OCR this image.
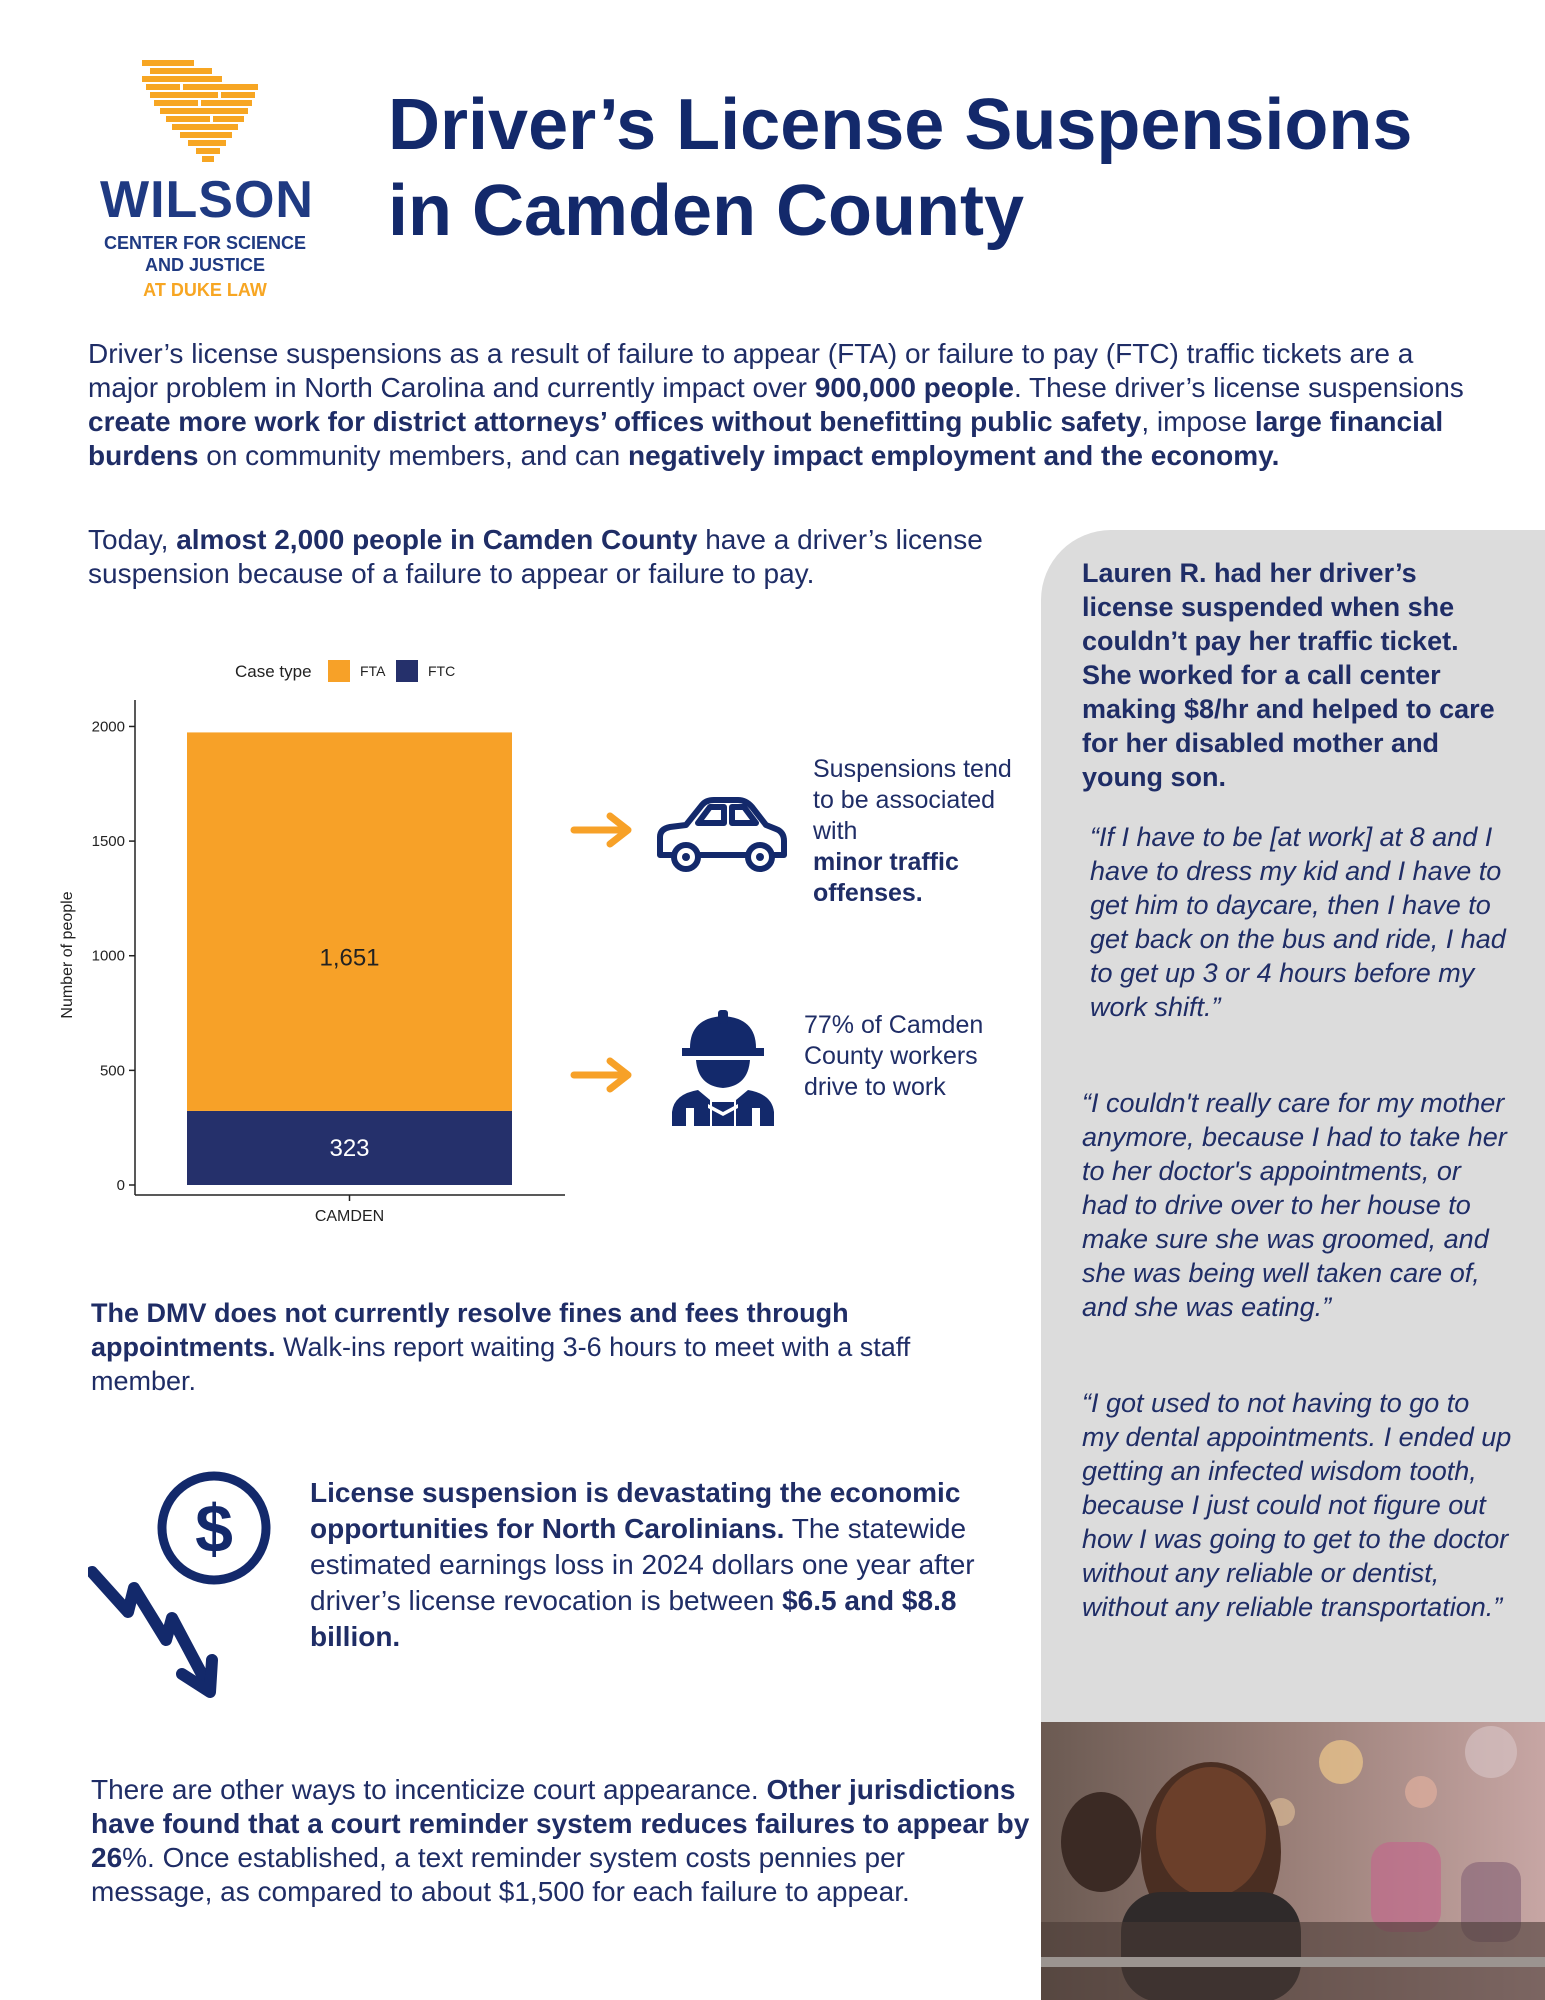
WILSON
CENTER FOR SCIENCE
AND JUSTICE
AT DUKE LAW
Driver’s License Suspensions
in Camden County
Driver’s license suspensions as a result of failure to appear (FTA) or failure to pay (FTC) traffic tickets are a major problem in North Carolina and currently impact over 900,000 people. These driver’s license suspensions create more work for district attorneys’ offices without benefitting public safety, impose large financial burdens on community members, and can negatively impact employment and the economy.
Today, almost 2,000 people in Camden County have a driver’s license suspension because of a failure to appear or failure to pay.
Case type	FTA	FTC
0
500
1000
1500
2000
Number of people
323
1,651
CAMDEN
Suspensions tend to be associated with
minor traffic offenses.
77% of Camden County workers drive to work
The DMV does not currently resolve fines and fees through appointments. Walk-ins report waiting 3-6 hours to meet with a staff member.
$	License suspension is devastating the economic opportunities for North Carolinians. The statewide estimated earnings loss in 2024 dollars one year after driver’s license revocation is between $6.5 and $8.8 billion.
There are other ways to incenticize court appearance. Other jurisdictions have found that a court reminder system reduces failures to appear by 26%. Once established, a text reminder system costs pennies per message, as compared to about $1,500 for each failure to appear.
Lauren R. had her driver’s license suspended when she couldn’t pay her traffic ticket. She worked for a call center making $8/hr and helped to care for her disabled mother and young son.
“If I have to be [at work] at 8 and I have to dress my kid and I have to get him to daycare, then I have to get back on the bus and ride, I had to get up 3 or 4 hours before my work shift.”
“I couldn't really care for my mother anymore, because I had to take her to her doctor's appointments, or had to drive over to her house to make sure she was groomed, and she was being well taken care of, and she was eating.”
“I got used to not having to go to my dental appointments. I ended up getting an infected wisdom tooth, because I just could not figure out how I was going to get to the doctor without any reliable or dentist, without any reliable transportation.”
